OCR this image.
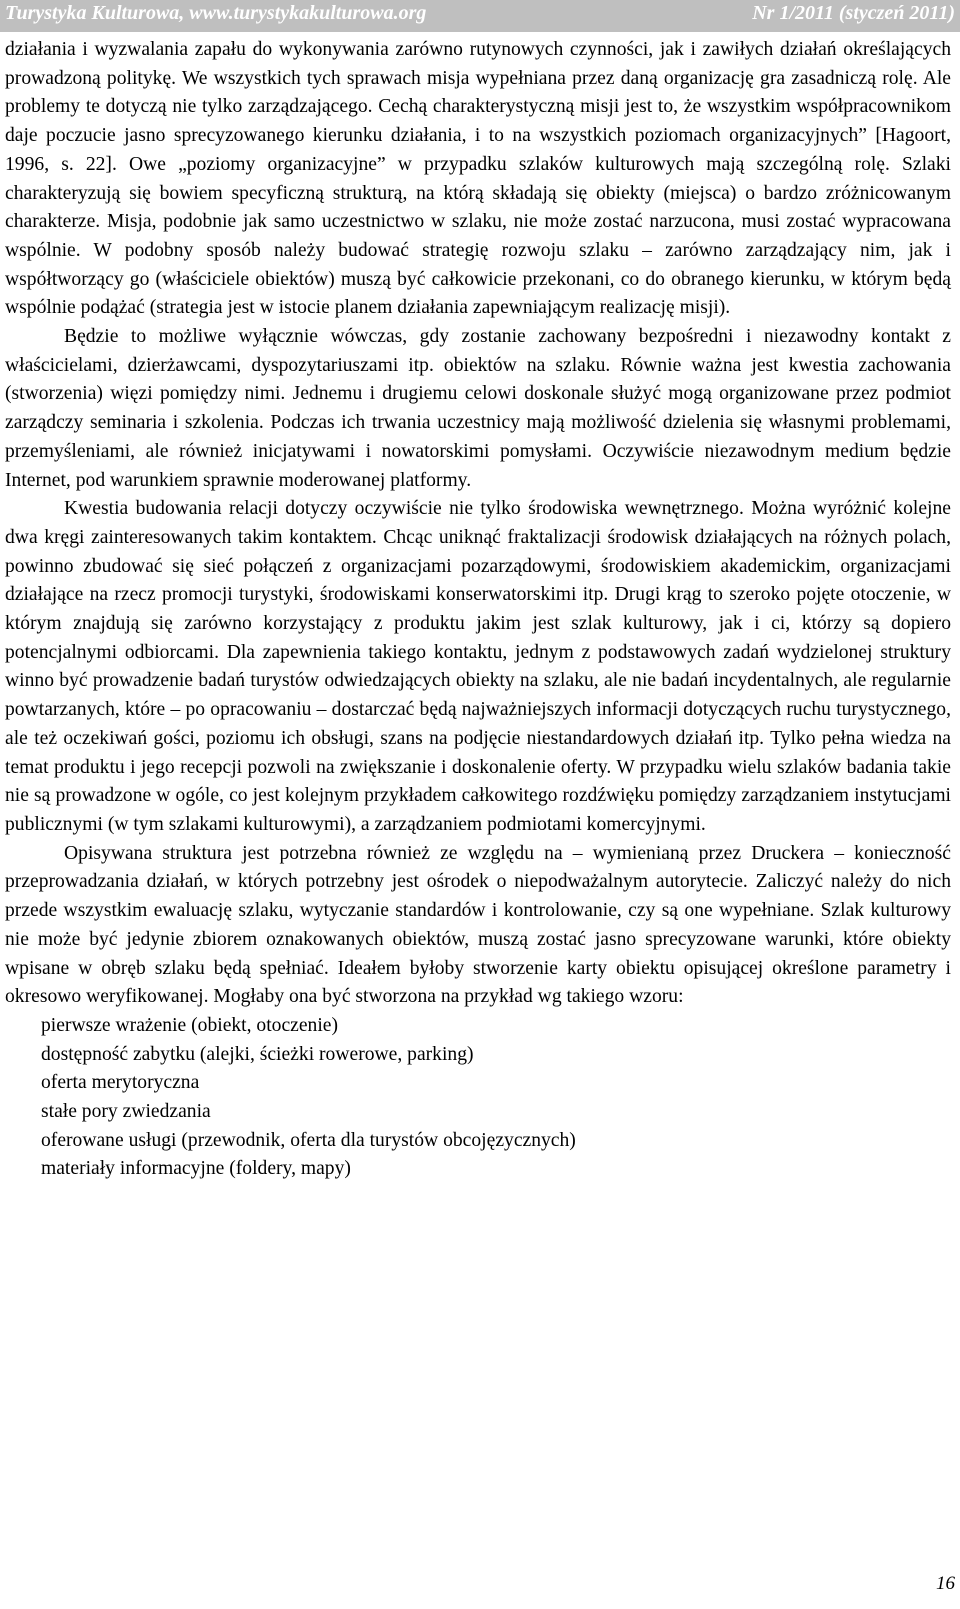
Turystyka Kulturowa, www.turystykakulturowa.org	Nr 1/2011 (styczeń 2011)

działania i wyzwalania zapału do wykonywania zarówno rutynowych czynności, jak i zawiłych działań określających prowadzoną politykę. We wszystkich tych sprawach misja wypełniana przez daną organizację gra zasadniczą rolę. Ale problemy te dotyczą nie tylko zarządzającego. Cechą charakterystyczną misji jest to, że wszystkim współpracownikom daje poczucie jasno sprecyzowanego kierunku działania, i to na wszystkich poziomach organizacyjnych” [Hagoort, 1996, s. 22]. Owe „poziomy organizacyjne” w przypadku szlaków kulturowych mają szczególną rolę. Szlaki charakteryzują się bowiem specyficzną strukturą, na którą składają się obiekty (miejsca) o bardzo zróżnicowanym charakterze. Misja, podobnie jak samo uczestnictwo w szlaku, nie może zostać narzucona, musi zostać wypracowana wspólnie. W podobny sposób należy budować strategię rozwoju szlaku – zarówno zarządzający nim, jak i współtworzący go (właściciele obiektów) muszą być całkowicie przekonani, co do obranego kierunku, w którym będą wspólnie podążać (strategia jest w istocie planem działania zapewniającym realizację misji).

Będzie to możliwe wyłącznie wówczas, gdy zostanie zachowany bezpośredni i niezawodny kontakt z właścicielami, dzierżawcami, dyspozytariuszami itp. obiektów na szlaku. Równie ważna jest kwestia zachowania (stworzenia) więzi pomiędzy nimi. Jednemu i drugiemu celowi doskonale służyć mogą organizowane przez podmiot zarządczy seminaria i szkolenia. Podczas ich trwania uczestnicy mają możliwość dzielenia się własnymi problemami, przemyśleniami, ale również inicjatywami i nowatorskimi pomysłami. Oczywiście niezawodnym medium będzie Internet, pod warunkiem sprawnie moderowanej platformy.

Kwestia budowania relacji dotyczy oczywiście nie tylko środowiska wewnętrznego. Można wyróżnić kolejne dwa kręgi zainteresowanych takim kontaktem. Chcąc uniknąć fraktalizacji środowisk działających na różnych polach, powinno zbudować się sieć połączeń z organizacjami pozarządowymi, środowiskiem akademickim, organizacjami działające na rzecz promocji turystyki, środowiskami konserwatorskimi itp. Drugi krąg to szeroko pojęte otoczenie, w którym znajdują się zarówno korzystający z produktu jakim jest szlak kulturowy, jak i ci, którzy są dopiero potencjalnymi odbiorcami. Dla zapewnienia takiego kontaktu, jednym z podstawowych zadań wydzielonej struktury winno być prowadzenie badań turystów odwiedzających obiekty na szlaku, ale nie badań incydentalnych, ale regularnie powtarzanych, które – po opracowaniu – dostarczać będą najważniejszych informacji dotyczących ruchu turystycznego, ale też oczekiwań gości, poziomu ich obsługi, szans na podjęcie niestandardowych działań itp. Tylko pełna wiedza na temat produktu i jego recepcji pozwoli na zwiększanie i doskonalenie oferty. W przypadku wielu szlaków badania takie nie są prowadzone w ogóle, co jest kolejnym przykładem całkowitego rozdźwięku pomiędzy zarządzaniem instytucjami publicznymi (w tym szlakami kulturowymi), a zarządzaniem podmiotami komercyjnymi.

Opisywana struktura jest potrzebna również ze względu na – wymienianą przez Druckera – konieczność przeprowadzania działań, w których potrzebny jest ośrodek o niepodważalnym autorytecie. Zaliczyć należy do nich przede wszystkim ewaluację szlaku, wytyczanie standardów i kontrolowanie, czy są one wypełniane. Szlak kulturowy nie może być jedynie zbiorem oznakowanych obiektów, muszą zostać jasno sprecyzowane warunki, które obiekty wpisane w obręb szlaku będą spełniać. Ideałem byłoby stworzenie karty obiektu opisującej określone parametry i okresowo weryfikowanej. Mogłaby ona być stworzona na przykład wg takiego wzoru:

pierwsze wrażenie (obiekt, otoczenie)
dostępność zabytku (alejki, ścieżki rowerowe, parking)
oferta merytoryczna
stałe pory zwiedzania
oferowane usługi (przewodnik, oferta dla turystów obcojęzycznych)
materiały informacyjne (foldery, mapy)
16
